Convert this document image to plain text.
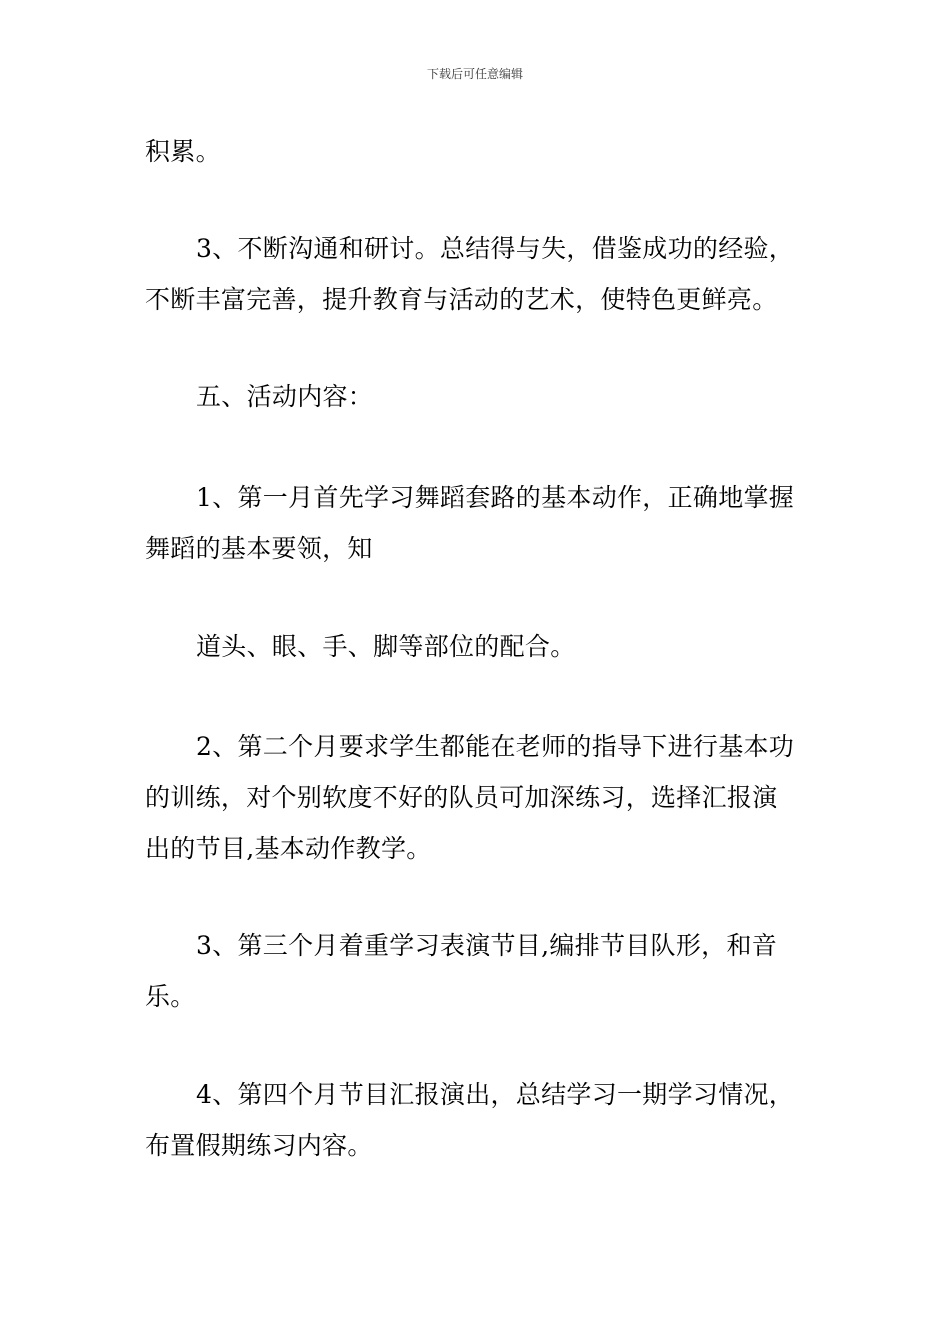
下载后可任意编辑
积累。
3、不断沟通和研讨。总结得与失，借鉴成功的经验，
不断丰富完善，提升教育与活动的艺术，使特色更鲜亮。
五、活动内容：
1、第一月首先学习舞蹈套路的基本动作，正确地掌握
舞蹈的基本要领，知
道头、眼、手、脚等部位的配合。
2、第二个月要求学生都能在老师的指导下进行基本功
的训练，对个别软度不好的队员可加深练习，选择汇报演
出的节目,基本动作教学。
3、第三个月着重学习表演节目,编排节目队形，和音
乐。
4、第四个月节目汇报演出，总结学习一期学习情况，
布置假期练习内容。
